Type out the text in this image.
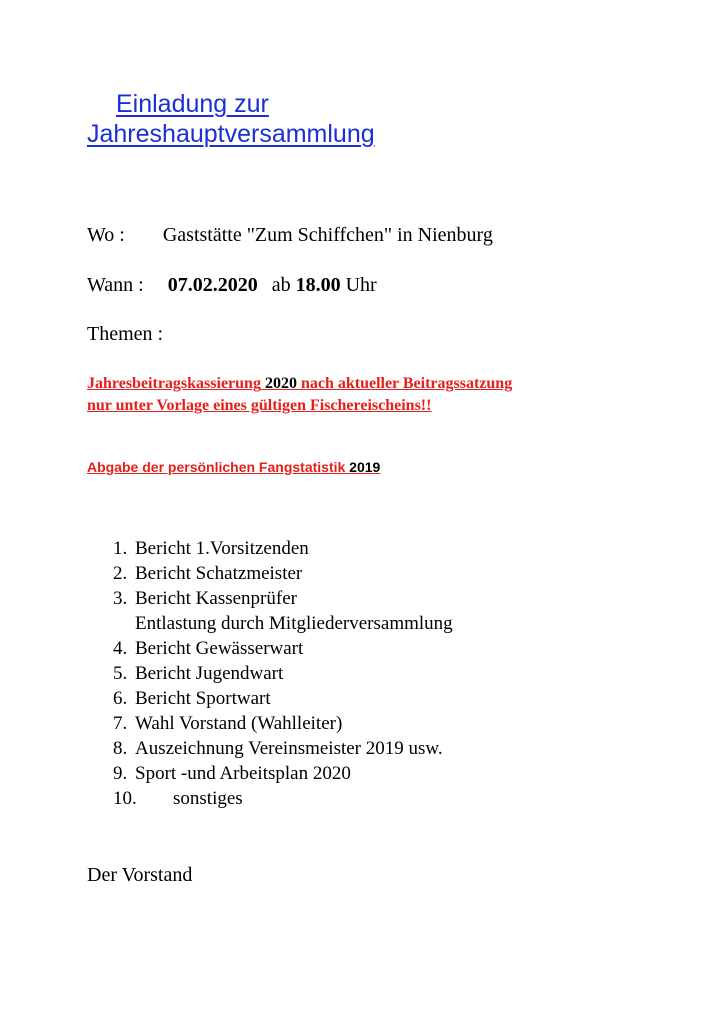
Einladung zur
Jahreshauptversammlung
Wo : Gaststätte "Zum Schiffchen" in Nienburg
Wann : 07.02.2020 ab 18.00 Uhr
Themen :
Jahresbeitragskassierung 2020 nach aktueller Beitragssatzung
nur unter Vorlage eines gültigen Fischereischeins!!
Abgabe der persönlichen Fangstatistik 2019
1. Bericht 1.Vorsitzenden
2. Bericht Schatzmeister
3. Bericht Kassenprüfer
Entlastung durch Mitgliederversammlung
4. Bericht Gewässerwart
5. Bericht Jugendwart
6. Bericht Sportwart
7. Wahl Vorstand (Wahlleiter)
8. Auszeichnung Vereinsmeister 2019 usw.
9. Sport -und Arbeitsplan 2020
10. sonstiges
Der Vorstand
